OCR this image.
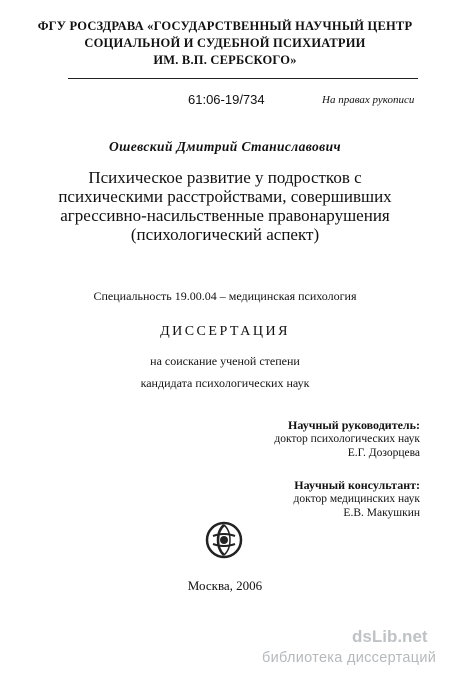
ФГУ РОСЗДРАВА «ГОСУДАРСТВЕННЫЙ НАУЧНЫЙ ЦЕНТР
СОЦИАЛЬНОЙ И СУДЕБНОЙ ПСИХИАТРИИ
ИМ. В.П. СЕРБСКОГО»
61:06-19/734	На правах рукописи
Ошевский Дмитрий Станиславович
Психическое развитие у подростков с
психическими расстройствами, совершивших
агрессивно-насильственные правонарушения
(психологический аспект)
Специальность 19.00.04 – медицинская психология
ДИССЕРТАЦИЯ
на соискание ученой степени
кандидата психологических наук
Научный руководитель:
доктор психологических наук
Е.Г. Дозорцева
Научный консультант:
доктор медицинских наук
Е.В. Макушкин
Москва, 2006
dsLib.net
библиотека диссертаций
